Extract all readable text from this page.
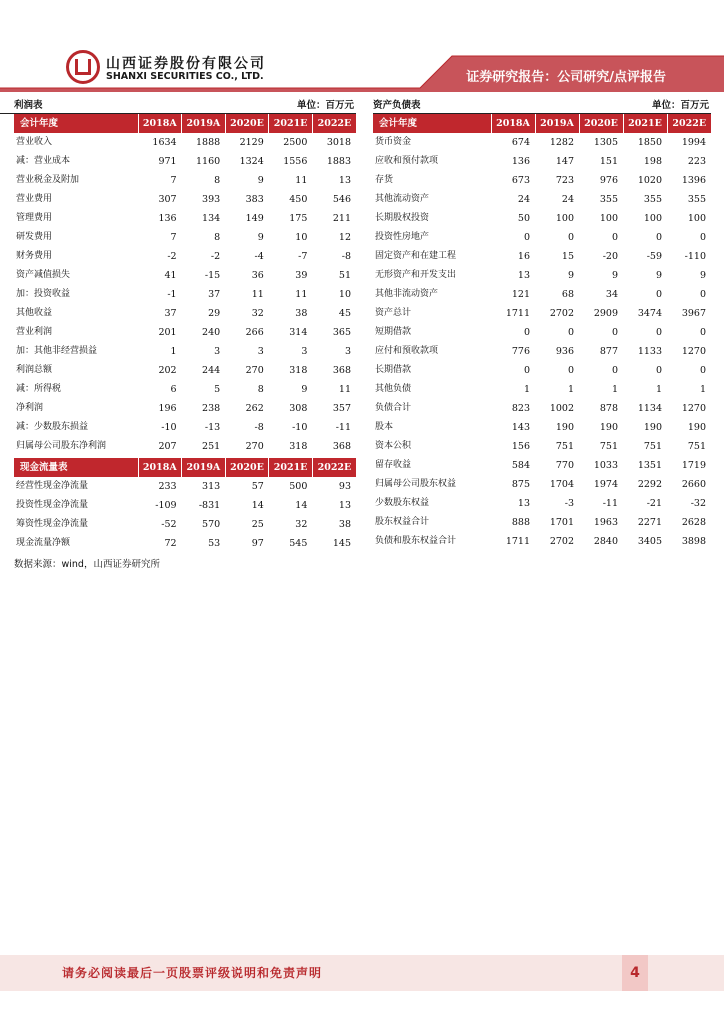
山西证券股份有限公司
SHANXI SECURITIES CO., LTD.	证券研究报告：公司研究/点评报告
利润表	单位：百万元
会计年度	2018A	2019A	2020E	2021E	2022E
营业收入	1634	1888	2129	2500	3018
减：营业成本	971	1160	1324	1556	1883
营业税金及附加	7	8	9	11	13
营业费用	307	393	383	450	546
管理费用	136	134	149	175	211
研发费用	7	8	9	10	12
财务费用	-2	-2	-4	-7	-8
资产减值损失	41	-15	36	39	51
加：投资收益	-1	37	11	11	10
其他收益	37	29	32	38	45
营业利润	201	240	266	314	365
加：其他非经营损益	1	3	3	3	3
利润总额	202	244	270	318	368
减：所得税	6	5	8	9	11
净利润	196	238	262	308	357
减：少数股东损益	-10	-13	-8	-10	-11
归属母公司股东净利润	207	251	270	318	368
现金流量表	2018A	2019A	2020E	2021E	2022E
经营性现金净流量	233	313	57	500	93
投资性现金净流量	-109	-831	14	14	13
筹资性现金净流量	-52	570	25	32	38
现金流量净额	72	53	97	545	145
资产负债表	单位：百万元
会计年度	2018A	2019A	2020E	2021E	2022E
货币资金	674	1282	1305	1850	1994
应收和预付款项	136	147	151	198	223
存货	673	723	976	1020	1396
其他流动资产	24	24	355	355	355
长期股权投资	50	100	100	100	100
投资性房地产	0	0	0	0	0
固定资产和在建工程	16	15	-20	-59	-110
无形资产和开发支出	13	9	9	9	9
其他非流动资产	121	68	34	0	0
资产总计	1711	2702	2909	3474	3967
短期借款	0	0	0	0	0
应付和预收款项	776	936	877	1133	1270
长期借款	0	0	0	0	0
其他负债	1	1	1	1	1
负债合计	823	1002	878	1134	1270
股本	143	190	190	190	190
资本公积	156	751	751	751	751
留存收益	584	770	1033	1351	1719
归属母公司股东权益	875	1704	1974	2292	2660
少数股东权益	13	-3	-11	-21	-32
股东权益合计	888	1701	1963	2271	2628
负债和股东权益合计	1711	2702	2840	3405	3898
数据来源：wind，山西证券研究所
请务必阅读最后一页股票评级说明和免责声明	4
